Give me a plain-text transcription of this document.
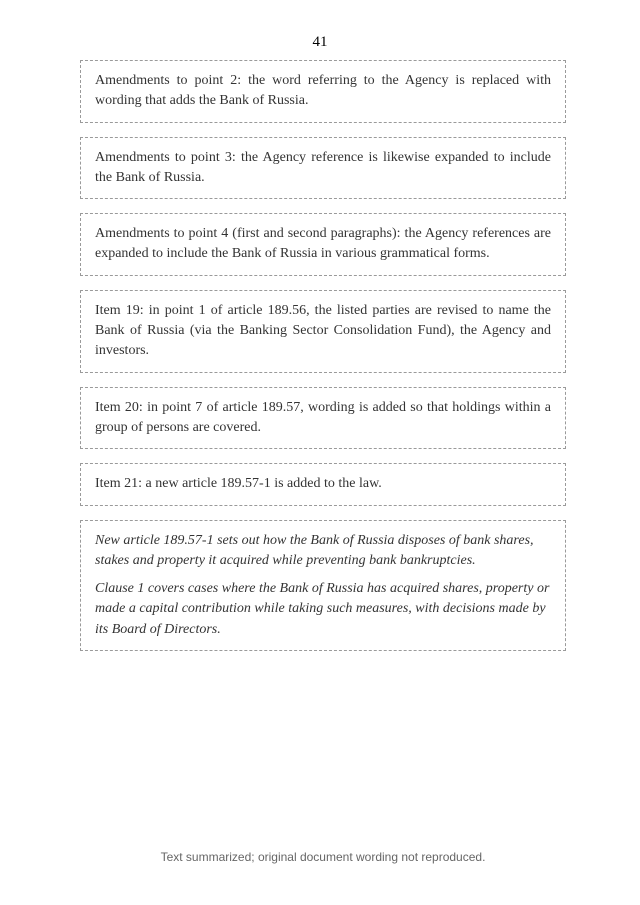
41
Amendments to point 2: the word referring to the Agency is replaced with wording that adds the Bank of Russia.
Amendments to point 3: the Agency reference is likewise expanded to include the Bank of Russia.
Amendments to point 4 (first and second paragraphs): the Agency references are expanded to include the Bank of Russia in various grammatical forms.
Item 19: in point 1 of article 189.56, the listed parties are revised to name the Bank of Russia (via the Banking Sector Consolidation Fund), the Agency and investors.
Item 20: in point 7 of article 189.57, wording is added so that holdings within a group of persons are covered.
Item 21: a new article 189.57-1 is added to the law.
New article 189.57-1 sets out how the Bank of Russia disposes of bank shares, stakes and property it acquired while preventing bank bankruptcies.
Clause 1 covers cases where the Bank of Russia has acquired shares, property or made a capital contribution while taking such measures, with decisions made by its Board of Directors.
Text summarized; original document wording not reproduced.
